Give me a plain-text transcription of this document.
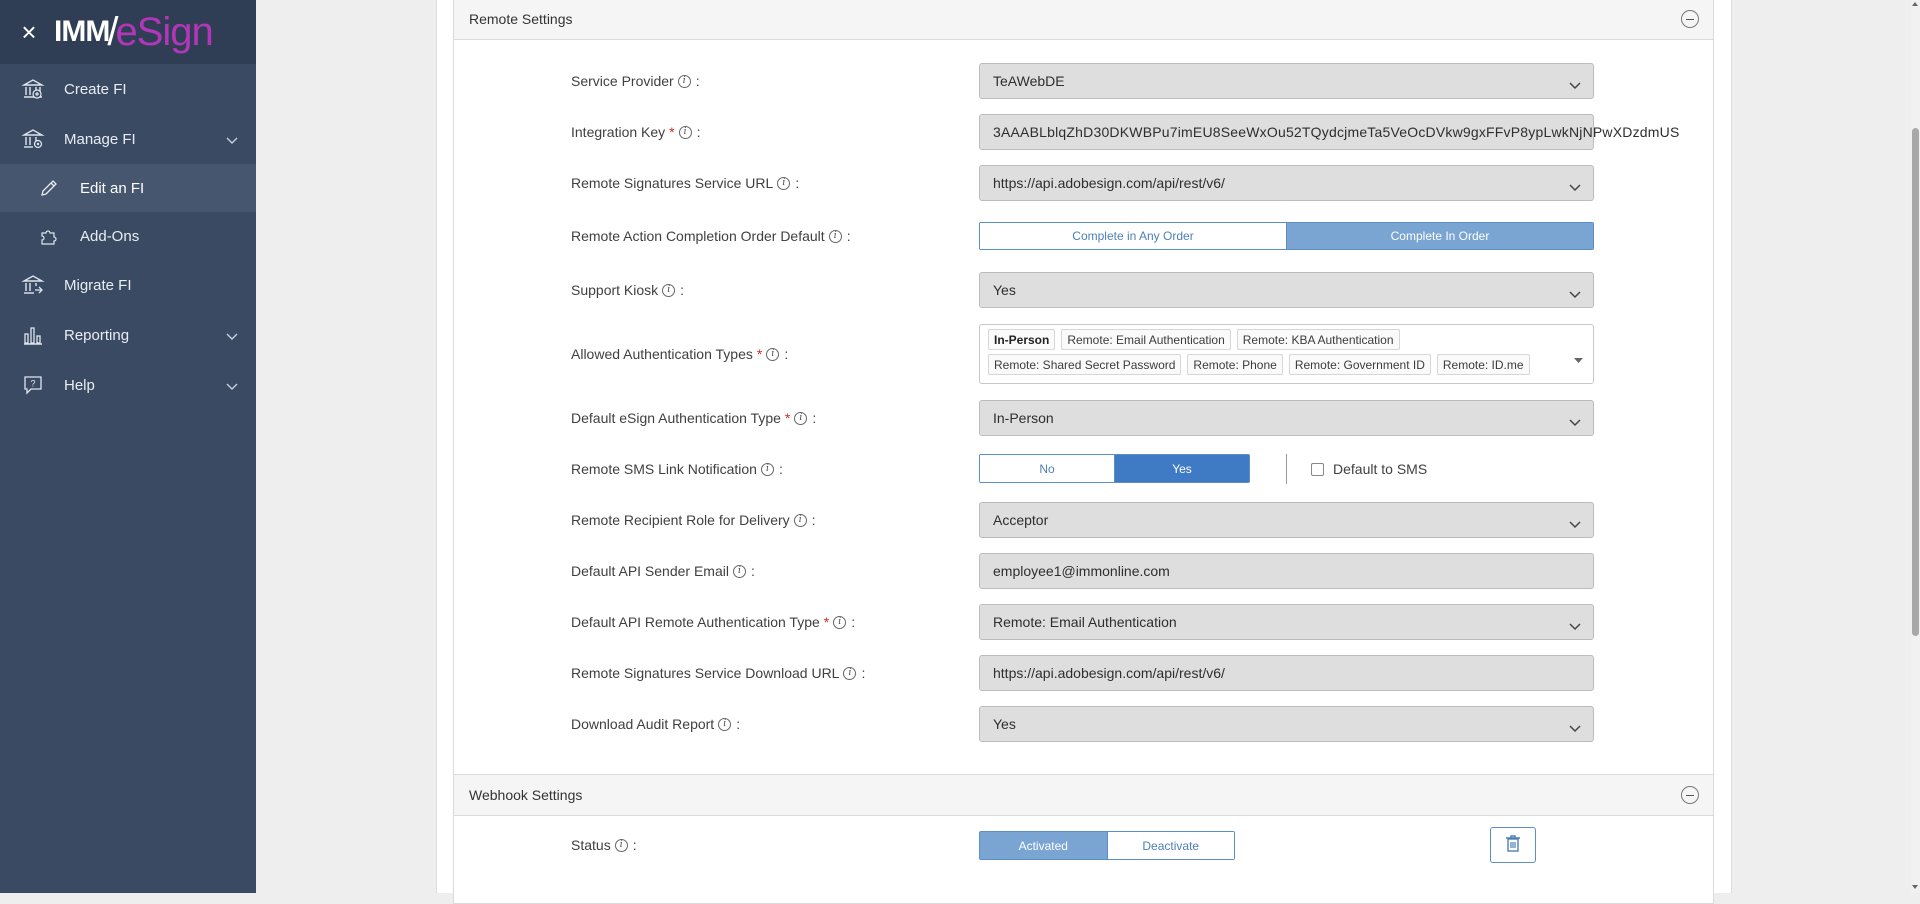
× IMM
/
eSign
Create FI
Manage FI
Edit an FI
Add-Ons
Migrate FI
Reporting
? Help
Remote Settings
Service Provider	i :	TeAWebDE
Integration Key *	i :	3AAABLblqZhD30DKWBPu7imEU8SeeWxOu52TQydcjmeTa5VeOcDVkw9gxFFvP8ypLwkNjNPwXDzdmUS
Remote Signatures Service URL	i :	https://api.adobesign.com/api/rest/v6/
Remote Action Completion Order Default	i :	Complete in Any Order	Complete In Order
Support Kiosk	i :	Yes
Allowed Authentication Types *	i :
In-Person	Remote: Email Authentication	Remote: KBA Authentication
Remote: Shared Secret Password	Remote: Phone	Remote: Government ID	Remote: ID.me
Default eSign Authentication Type *	i :	In-Person
Remote SMS Link Notification	i :	No	Yes	Default to SMS
Remote Recipient Role for Delivery	i :	Acceptor
Default API Sender Email	i :	employee1@immonline.com
Default API Remote Authentication Type *	i :	Remote: Email Authentication
Remote Signatures Service Download URL	i :	https://api.adobesign.com/api/rest/v6/
Download Audit Report	i :	Yes
Webhook Settings
Status	i :	Activated	Deactivate
